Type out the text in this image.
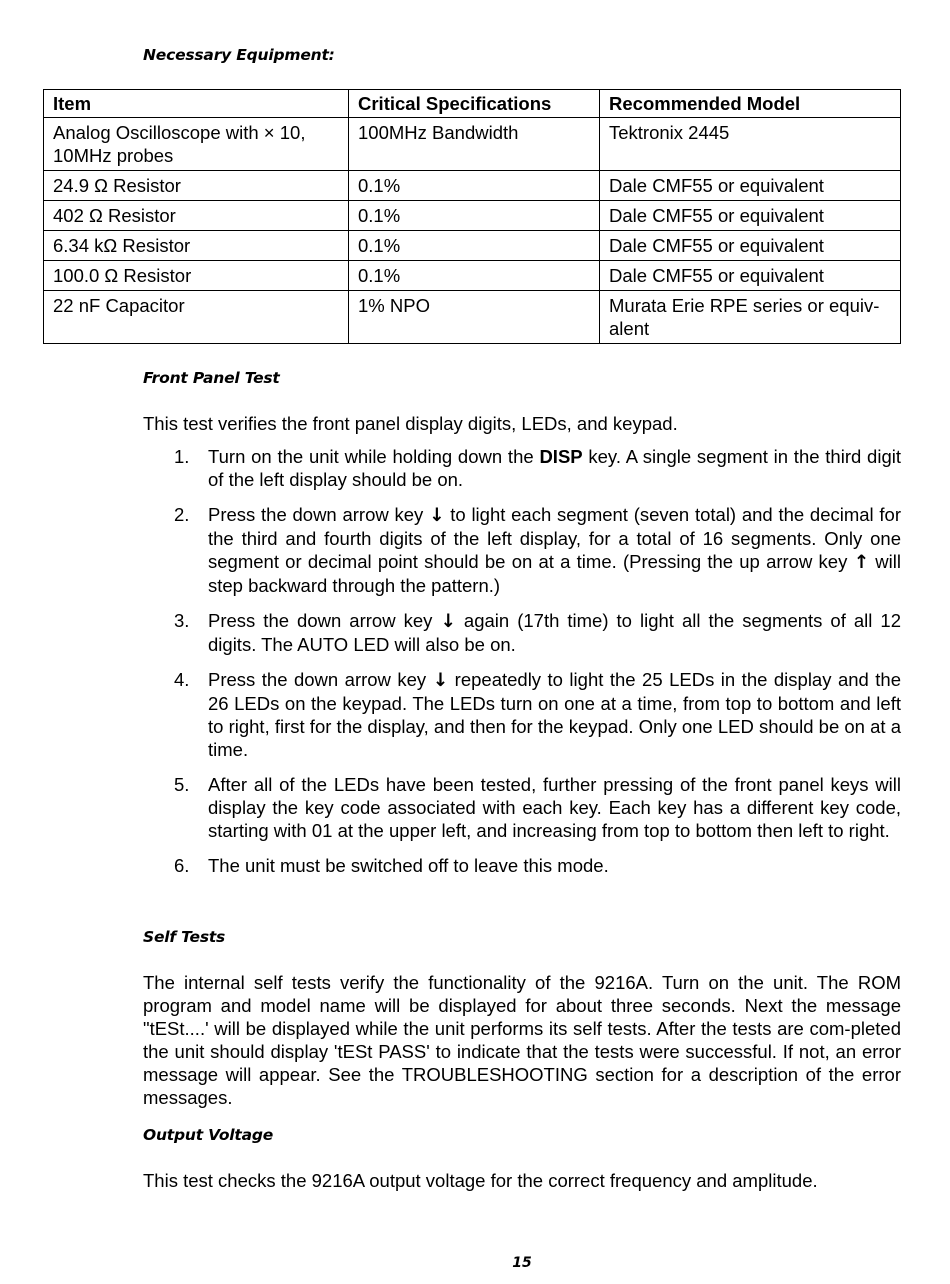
Necessary Equipment:
Item	Critical Specifications	Recommended Model
Analog Oscilloscope with × 10, 10MHz probes	100MHz Bandwidth	Tektronix 2445
24.9 Ω Resistor	0.1%	Dale CMF55 or equivalent
402 Ω Resistor	0.1%	Dale CMF55 or equivalent
6.34 kΩ Resistor	0.1%	Dale CMF55 or equivalent
100.0 Ω Resistor	0.1%	Dale CMF55 or equivalent
22 nF Capacitor	1% NPO	Murata Erie RPE series or equiv-alent
Front Panel Test

This test verifies the front panel display digits, LEDs, and keypad.

1. Turn on the unit while holding down the DISP key. A single segment in the third digit of the left display should be on.
2. Press the down arrow key ↓ to light each segment (seven total) and the decimal for the third and fourth digits of the left display, for a total of 16 segments. Only one segment or decimal point should be on at a time. (Pressing the up arrow key ↑ will step backward through the pattern.)
3. Press the down arrow key ↓ again (17th time) to light all the segments of all 12 digits. The AUTO LED will also be on.
4. Press the down arrow key ↓ repeatedly to light the 25 LEDs in the display and the 26 LEDs on the keypad. The LEDs turn on one at a time, from top to bottom and left to right, first for the display, and then for the keypad. Only one LED should be on at a time.
5. After all of the LEDs have been tested, further pressing of the front panel keys will display the key code associated with each key. Each key has a different key code, starting with 01 at the upper left, and increasing from top to bottom then left to right.
6. The unit must be switched off to leave this mode.
Self Tests

The internal self tests verify the functionality of the 9216A. Turn on the unit. The ROM program and model name will be displayed for about three seconds. Next the message "tESt....' will be displayed while the unit performs its self tests. After the tests are com-pleted the unit should display 'tESt PASS' to indicate that the tests were successful. If not, an error message will appear. See the TROUBLESHOOTING section for a description of the error messages.

Output Voltage

This test checks the 9216A output voltage for the correct frequency and amplitude.

15
